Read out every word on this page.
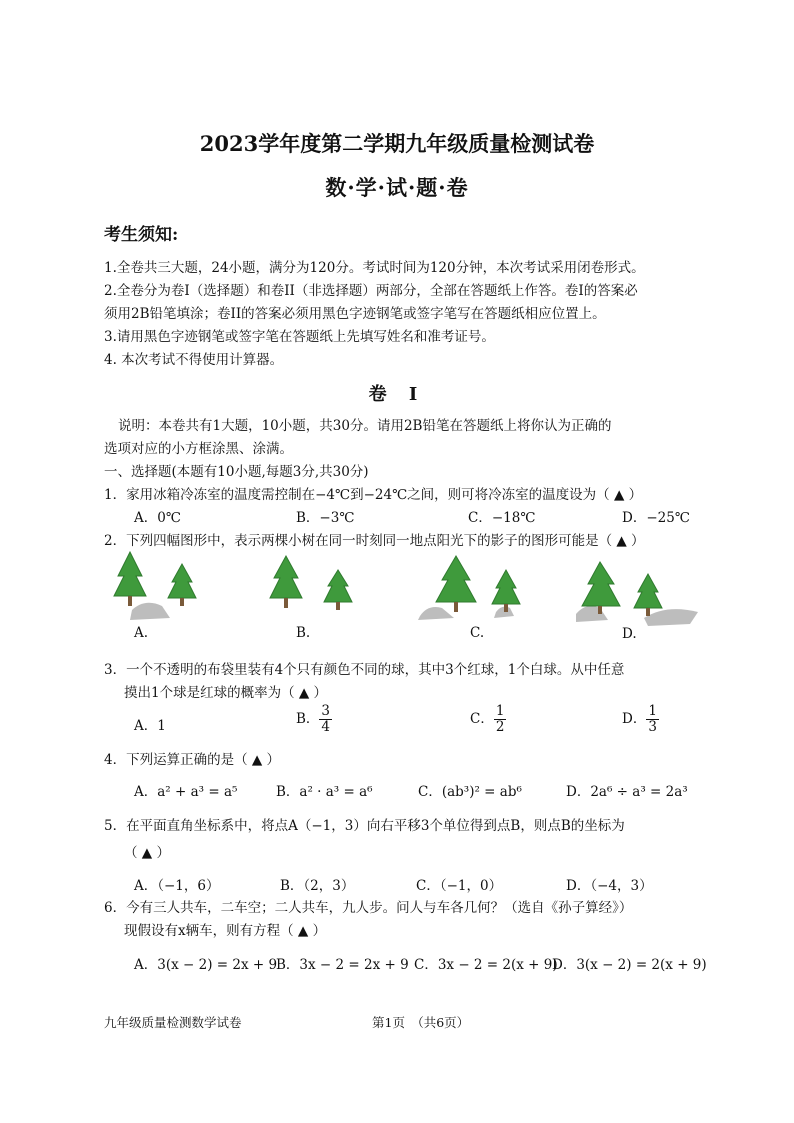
2023学年度第二学期九年级质量检测试卷
数·学·试·题·卷
考生须知:
1.全卷共三大题，24小题，满分为120分。考试时间为120分钟，本次考试采用闭卷形式。
2.全卷分为卷I（选择题）和卷II（非选择题）两部分，全部在答题纸上作答。卷I的答案必
须用2B铅笔填涂；卷II的答案必须用黑色字迹钢笔或签字笔写在答题纸相应位置上。
3.请用黑色字迹钢笔或签字笔在答题纸上先填写姓名和准考证号。
4. 本次考试不得使用计算器。
卷 I
说明：本卷共有1大题，10小题，共30分。请用2B铅笔在答题纸上将你认为正确的
选项对应的小方框涂黑、涂满。
一、选择题(本题有10小题,每题3分,共30分)
1．家用冰箱冷冻室的温度需控制在−4℃到−24℃之间，则可将冷冻室的温度设为（ ▲ ）
A．0℃	B．−3℃	C．−18℃	D．−25℃
2．下列四幅图形中，表示两棵小树在同一时刻同一地点阳光下的影子的图形可能是（ ▲ ）
A.	B.	C.	D.
3．一个不透明的布袋里装有4个只有颜色不同的球，其中3个红球，1个白球。从中任意
摸出1个球是红球的概率为（ ▲ ）
A．1	B． $\frac{3}{4}$	C． $\frac{1}{2}$	D． $\frac{1}{3}$
4．下列运算正确的是（ ▲ ）
A．a² + a³ = a⁵	B．a² · a³ = a⁶	C．(ab³)² = ab⁶	D．2a⁶ ÷ a³ = 2a³
5．在平面直角坐标系中，将点A（−1，3）向右平移3个单位得到点B，则点B的坐标为
（ ▲ ）
A．（−1，6）	B．（2，3）	C．（−1，0）	D．（−4，3）
6．今有三人共车，二车空；二人共车，九人步。问人与车各几何？（选自《孙子算经》）
现假设有x辆车，则有方程（ ▲ ）
A．3(x − 2) = 2x + 9
B．3x − 2 = 2x + 9 C．3x − 2 = 2(x + 9)
D．3(x − 2) = 2(x + 9)
九年级质量检测数学试卷	第1页　（共6页）
